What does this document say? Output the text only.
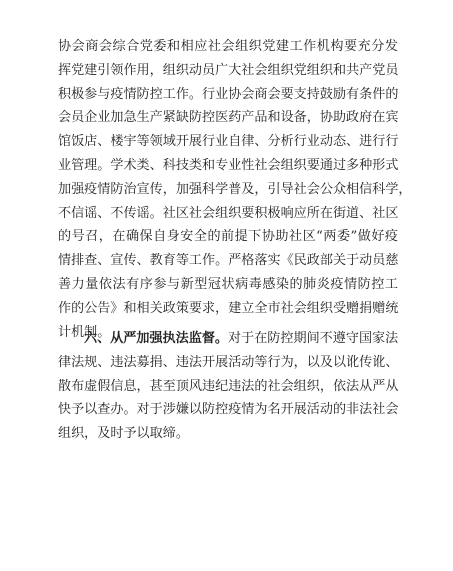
协会商会综合党委和相应社会组织党建工作机构要充分发
挥党建引领作用，组织动员广大社会组织党组织和共产党员
积极参与疫情防控工作。行业协会商会要支持鼓励有条件的
会员企业加急生产紧缺防控医药产品和设备，协助政府在宾
馆饭店、楼宇等领域开展行业自律、分析行业动态、进行行
业管理。学术类、科技类和专业性社会组织要通过多种形式
加强疫情防治宣传，加强科学普及，引导社会公众相信科学，
不信谣、不传谣。社区社会组织要积极响应所在街道、社区
的号召，在确保自身安全的前提下协助社区“两委”做好疫
情排查、宣传、教育等工作。严格落实《民政部关于动员慈
善力量依法有序参与新型冠状病毒感染的肺炎疫情防控工
作的公告》和相关政策要求，建立全市社会组织受赠捐赠统
计机制。
六、从严加强执法监督。对于在防控期间不遵守国家法
律法规、违法募捐、违法开展活动等行为，以及以讹传讹、
散布虚假信息，甚至顶风违纪违法的社会组织，依法从严从
快予以查办。对于涉嫌以防控疫情为名开展活动的非法社会
组织，及时予以取缔。
